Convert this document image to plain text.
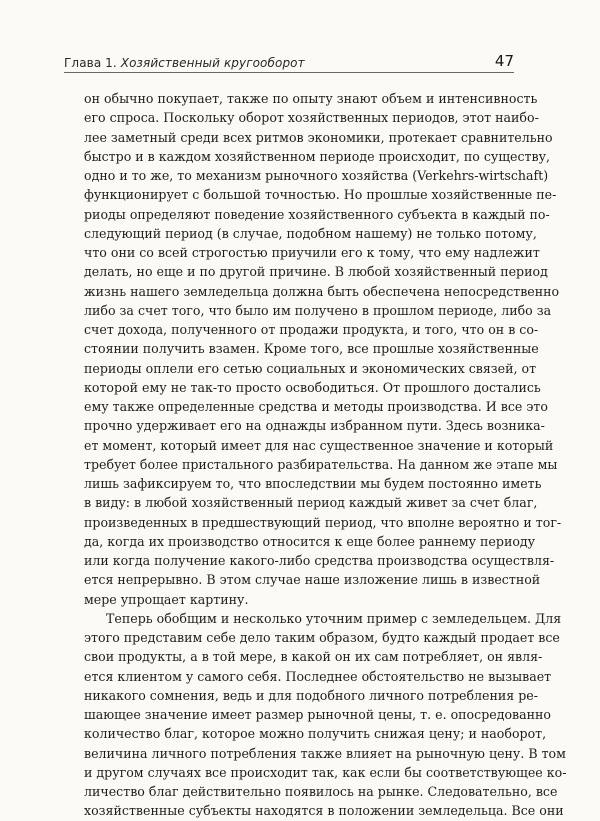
Глава 1. Хозяйственный кругооборот	47
он обычно покупает, также по опыту знают объем и интенсивность
его спроса. Поскольку оборот хозяйственных периодов, этот наибо-
лее заметный среди всех ритмов экономики, протекает сравнительно
быстро и в каждом хозяйственном периоде происходит, по существу,
одно и то же, то механизм рыночного хозяйства (Verkehrs-wirtschaft)
функционирует с большой точностью. Но прошлые хозяйственные пе-
риоды определяют поведение хозяйственного субъекта в каждый по-
следующий период (в случае, подобном нашему) не только потому,
что они со всей строгостью приучили его к тому, что ему надлежит
делать, но еще и по другой причине. В любой хозяйственный период
жизнь нашего земледельца должна быть обеспечена непосредственно
либо за счет того, что было им получено в прошлом периоде, либо за
счет дохода, полученного от продажи продукта, и того, что он в со-
стоянии получить взамен. Кроме того, все прошлые хозяйственные
периоды оплели его сетью социальных и экономических связей, от
которой ему не так-то просто освободиться. От прошлого достались
ему также определенные средства и методы производства. И все это
прочно удерживает его на однажды избранном пути. Здесь возника-
ет момент, который имеет для нас существенное значение и который
требует более пристального разбирательства. На данном же этапе мы
лишь зафиксируем то, что впоследствии мы будем постоянно иметь
в виду: в любой хозяйственный период каждый живет за счет благ,
произведенных в предшествующий период, что вполне вероятно и тог-
да, когда их производство относится к еще более раннему периоду
или когда получение какого-либо средства производства осуществля-
ется непрерывно. В этом случае наше изложение лишь в известной
мере упрощает картину.
Теперь обобщим и несколько уточним пример с земледельцем. Для
этого представим себе дело таким образом, будто каждый продает все
свои продукты, а в той мере, в какой он их сам потребляет, он явля-
ется клиентом у самого себя. Последнее обстоятельство не вызывает
никакого сомнения, ведь и для подобного личного потребления ре-
шающее значение имеет размер рыночной цены, т. е. опосредованно
количество благ, которое можно получить снижая цену; и наоборот,
величина личного потребления также влияет на рыночную цену. В том
и другом случаях все происходит так, как если бы соответствующее ко-
личество благ действительно появилось на рынке. Следовательно, все
хозяйственные субъекты находятся в положении земледельца. Все они
